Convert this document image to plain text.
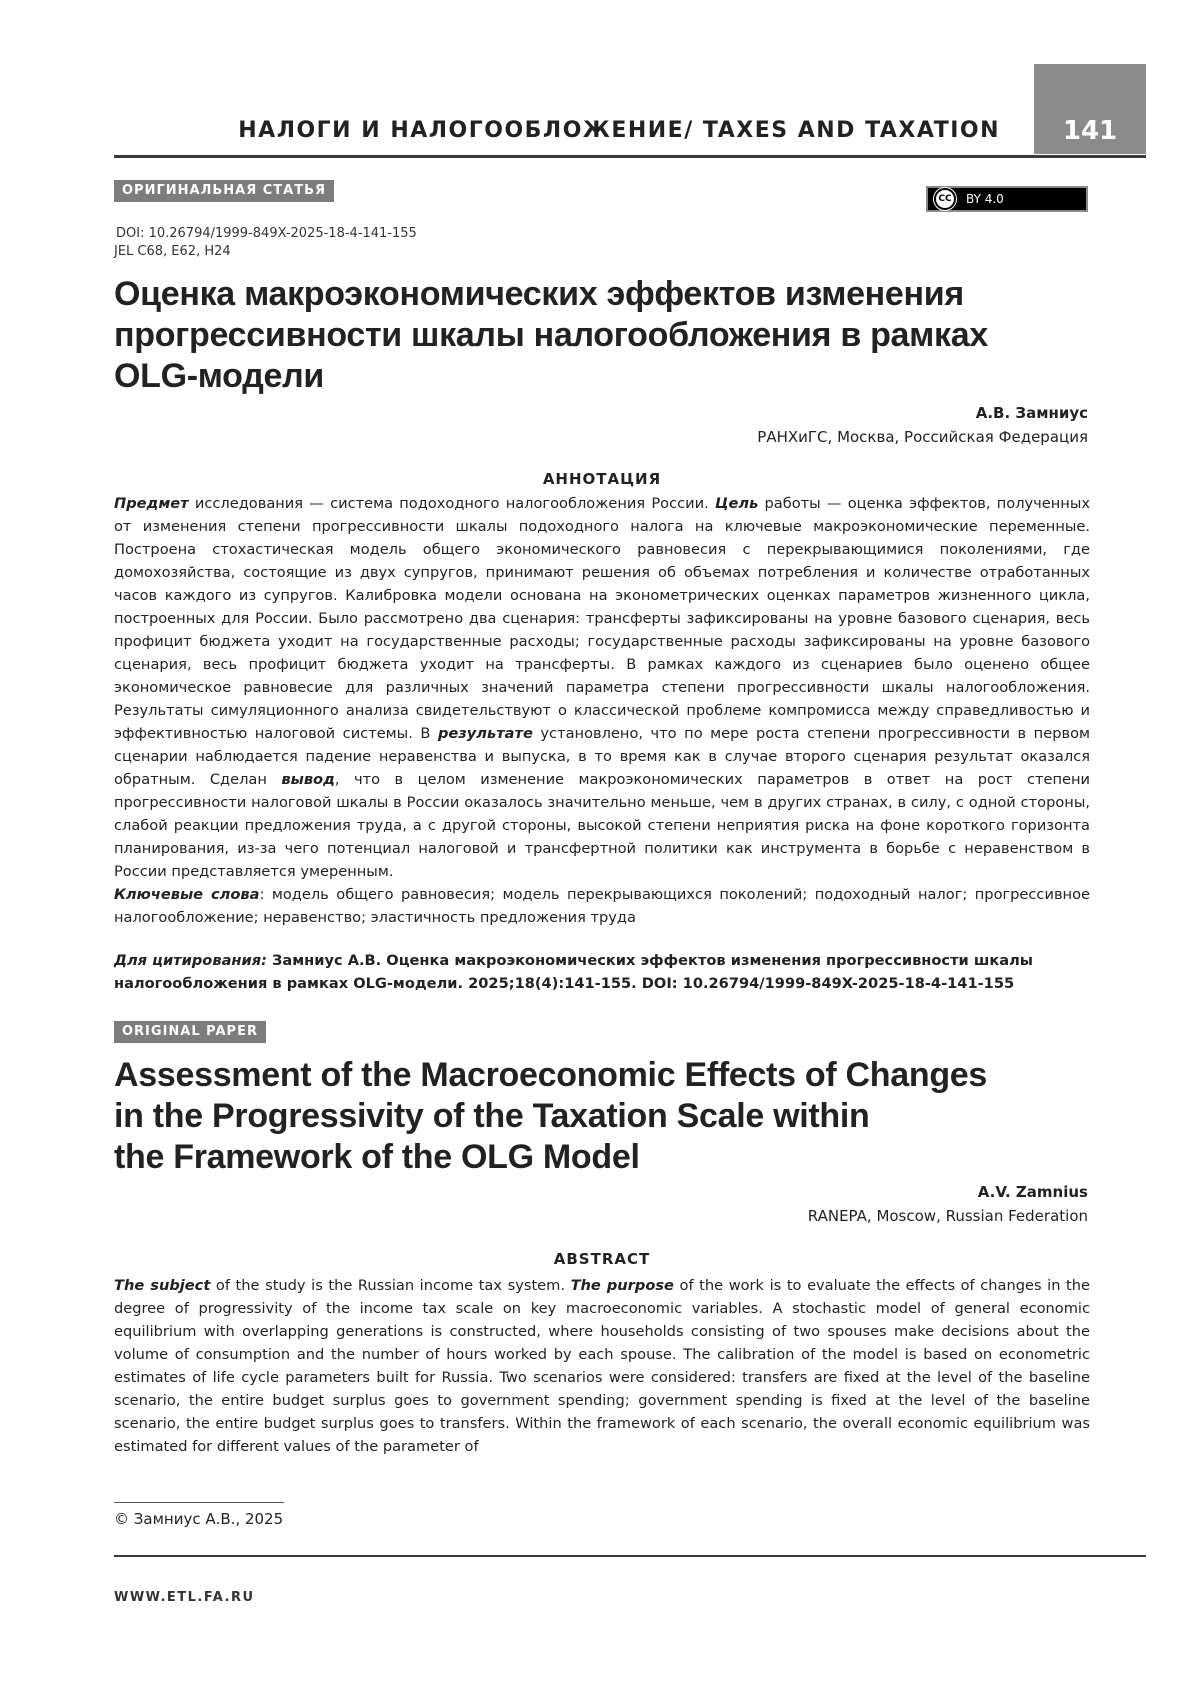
141
НАЛОГИ И НАЛОГООБЛОЖЕНИЕ/ TAXES AND TAXATION
ОРИГИНАЛЬНАЯ СТАТЬЯ
CC	BY 4.0
DOI: 10.26794/1999-849X-2025-18-4-141-155
JEL C68, E62, H24
Оценка макроэкономических эффектов изменения
прогрессивности шкалы налогообложения в рамках
OLG-модели
А.В. Замниус
РАНХиГС, Москва, Российская Федерация
АННОТАЦИЯ
Предмет исследования — система подоходного налогообложения России. Цель работы — оценка эффектов, полученных от изменения степени прогрессивности шкалы подоходного налога на ключевые макроэкономические переменные. Построена стохастическая модель общего экономического равновесия с перекрывающимися поколениями, где домохозяйства, состоящие из двух супругов, принимают решения об объемах потребления и количестве отработанных часов каждого из супругов. Калибровка модели основана на эконометрических оценках параметров жизненного цикла, построенных для России. Было рассмотрено два сценария: трансферты зафиксированы на уровне базового сценария, весь профицит бюджета уходит на государственные расходы; государственные расходы зафиксированы на уровне базового сценария, весь профицит бюджета уходит на трансферты. В рамках каждого из сценариев было оценено общее экономическое равновесие для различных значений параметра степени прогрессивности шкалы налогообложения. Результаты симуляционного анализа свидетельствуют о классической проблеме компромисса между справедливостью и эффективностью налоговой системы. В результате установлено, что по мере роста степени прогрессивности в первом сценарии наблюдается падение неравенства и выпуска, в то время как в случае второго сценария результат оказался обратным. Сделан вывод, что в целом изменение макроэкономических параметров в ответ на рост степени прогрессивности налоговой шкалы в России оказалось значительно меньше, чем в других странах, в силу, с одной стороны, слабой реакции предложения труда, а с другой стороны, высокой степени неприятия риска на фоне короткого горизонта планирования, из-за чего потенциал налоговой и трансфертной политики как инструмента в борьбе с неравенством в России представляется умеренным.
Ключевые слова: модель общего равновесия; модель перекрывающихся поколений; подоходный налог; прогрессивное налогообложение; неравенство; эластичность предложения труда
Для цитирования: Замниус А.В. Оценка макроэкономических эффектов изменения прогрессивности шкалы налогообложения в рамках OLG-модели. 2025;18(4):141-155. DOI: 10.26794/1999-849X-2025-18-4-141-155
ORIGINAL PAPER
Assessment of the Macroeconomic Effects of Changes
in the Progressivity of the Taxation Scale within
the Framework of the OLG Model
A.V. Zamnius
RANEPA, Moscow, Russian Federation
ABSTRACT
The subject of the study is the Russian income tax system. The purpose of the work is to evaluate the effects of changes in the degree of progressivity of the income tax scale on key macroeconomic variables. A stochastic model of general economic equilibrium with overlapping generations is constructed, where households consisting of two spouses make decisions about the volume of consumption and the number of hours worked by each spouse. The calibration of the model is based on econometric estimates of life cycle parameters built for Russia. Two scenarios were considered: transfers are fixed at the level of the baseline scenario, the entire budget surplus goes to government spending; government spending is fixed at the level of the baseline scenario, the entire budget surplus goes to transfers. Within the framework of each scenario, the overall economic equilibrium was estimated for different values of the parameter of
© Замниус А.В., 2025
WWW.ETL.FA.RU
